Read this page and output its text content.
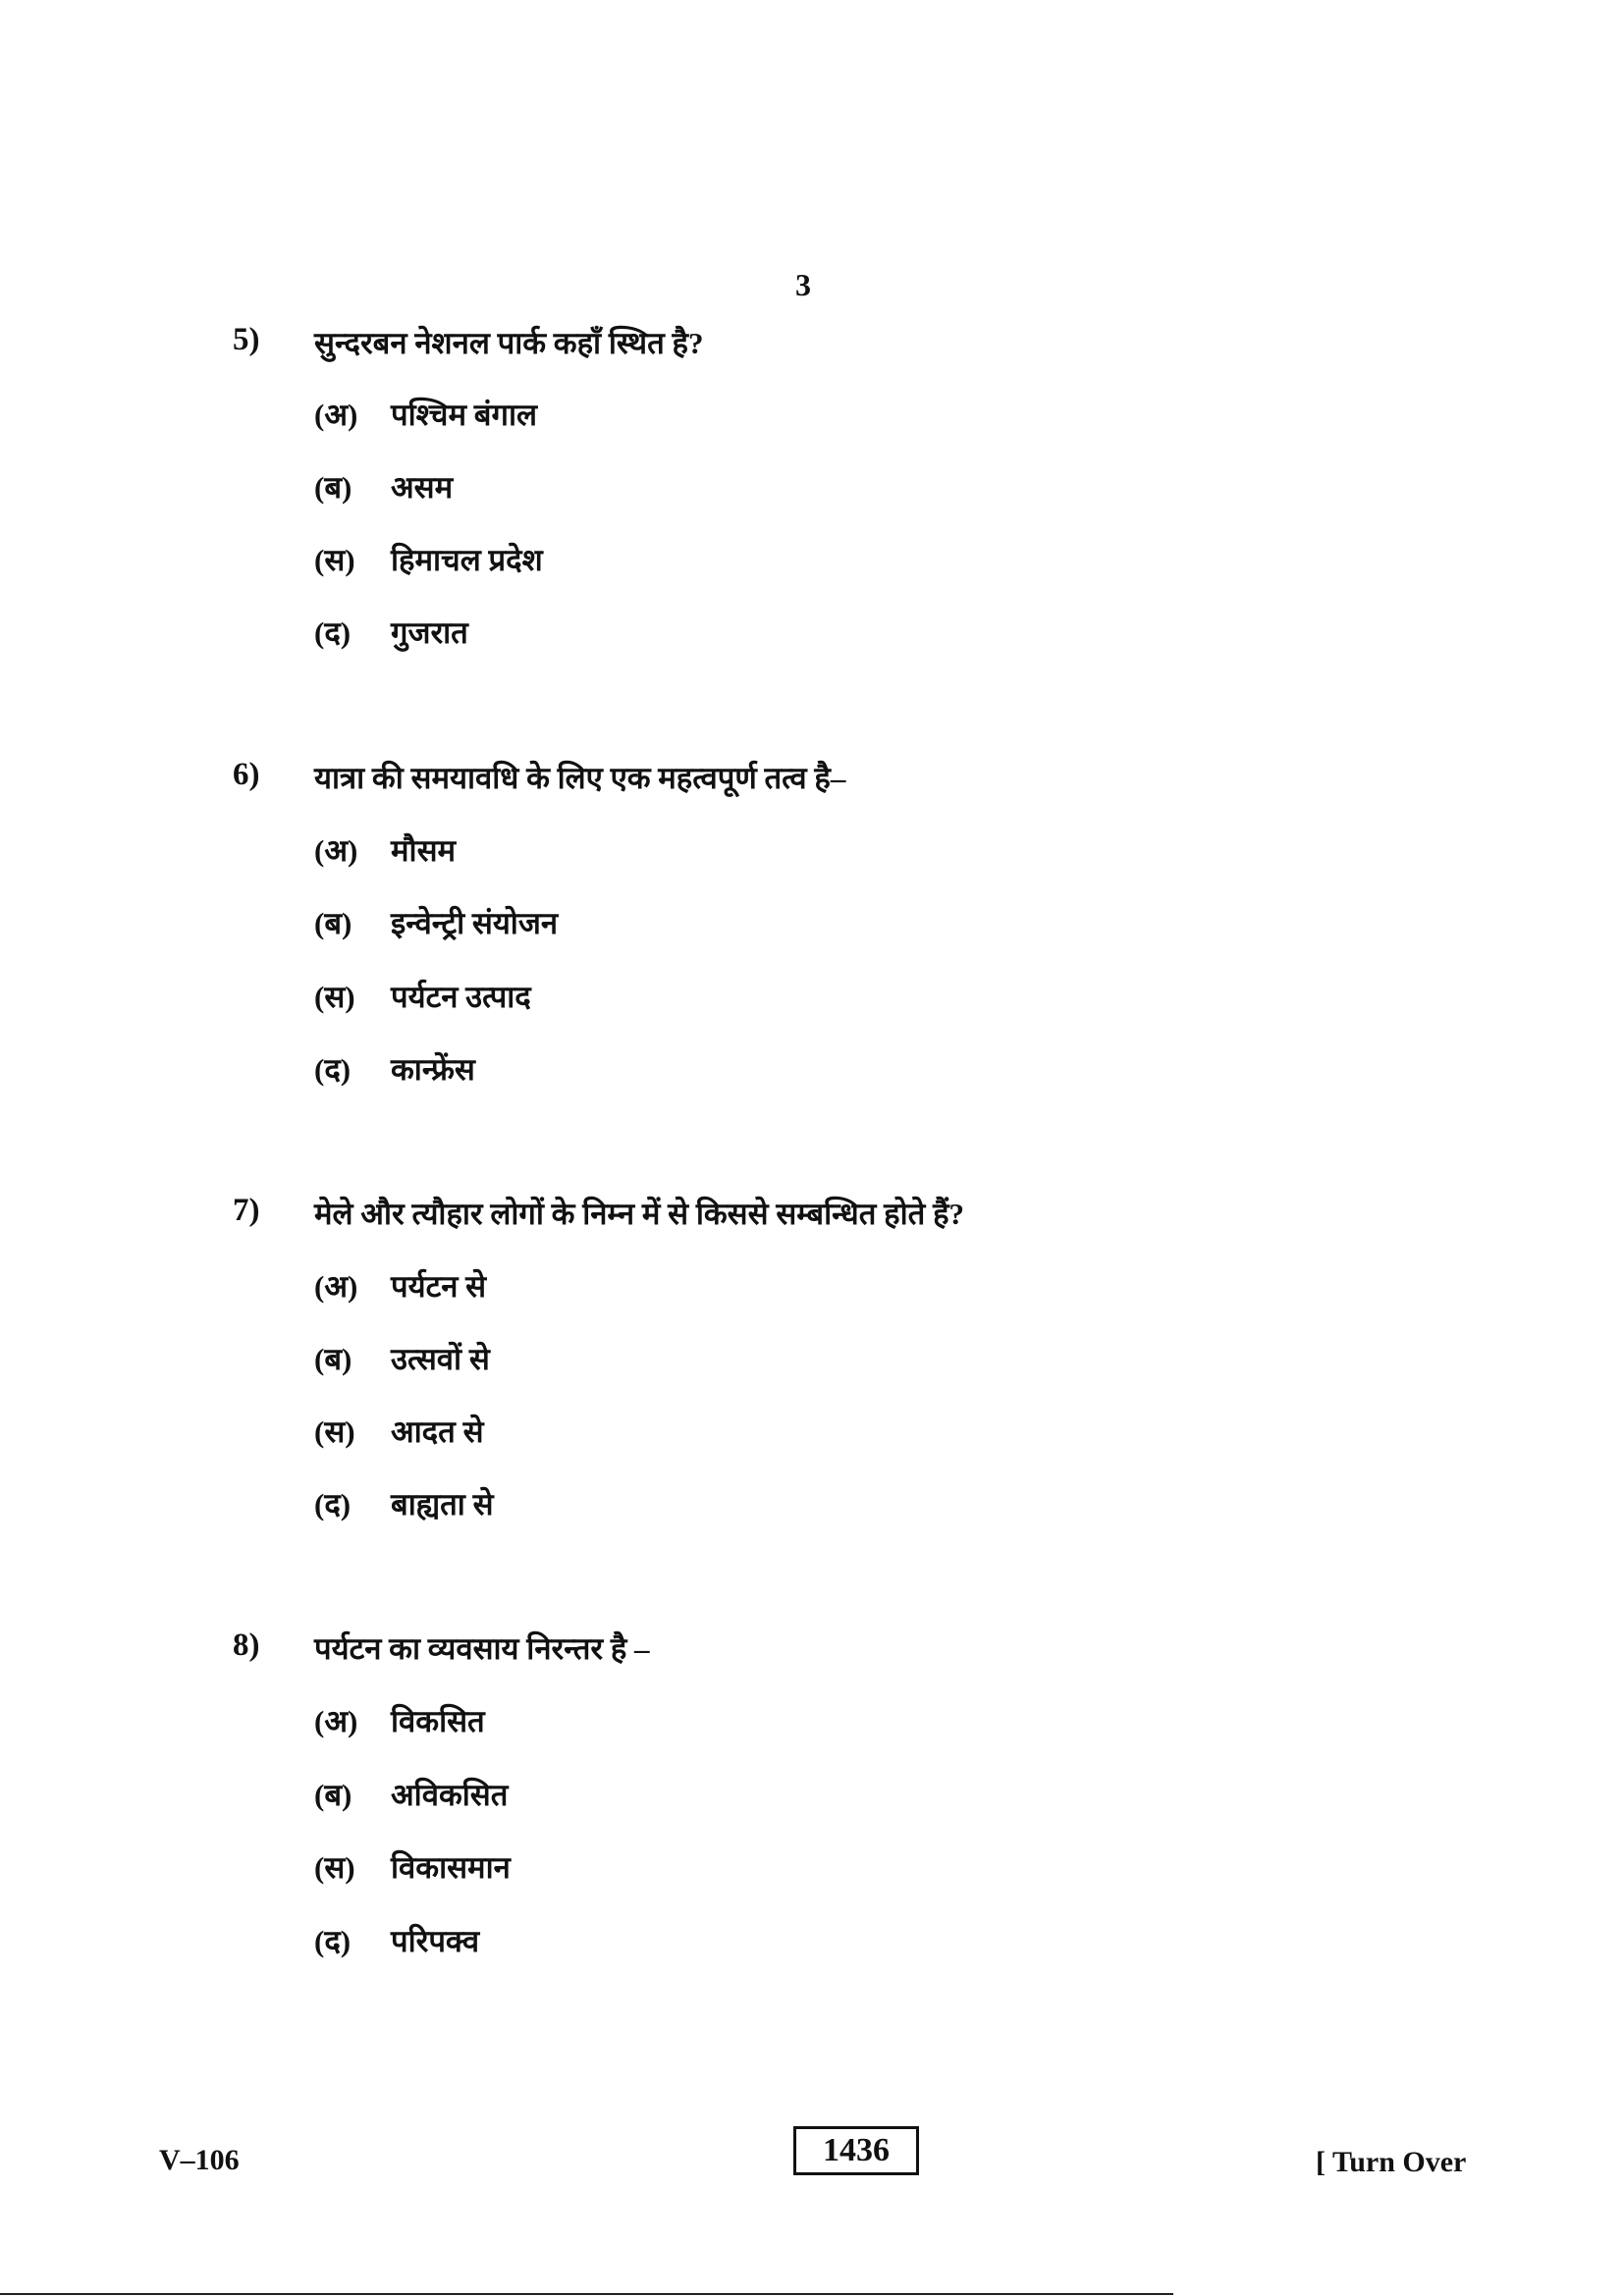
3
5) सुन्दरबन नेशनल पार्क कहाँ स्थित है?
(अ) पश्चिम बंगाल
(ब) असम
(स) हिमाचल प्रदेश
(द) गुजरात
6) यात्रा की समयावधि के लिए एक महत्वपूर्ण तत्व है–
(अ) मौसम
(ब) इन्वेन्ट्री संयोजन
(स) पर्यटन उत्पाद
(द) कान्फ्रेंस
7) मेले और त्यौहार लोगों के निम्न में से किससे सम्बन्धित होते हैं?
(अ) पर्यटन से
(ब) उत्सवों से
(स) आदत से
(द) बाह्यता से
8) पर्यटन का व्यवसाय निरन्तर है –
(अ) विकसित
(ब) अविकसित
(स) विकासमान
(द) परिपक्व
V–106	1436	[ Turn Over
